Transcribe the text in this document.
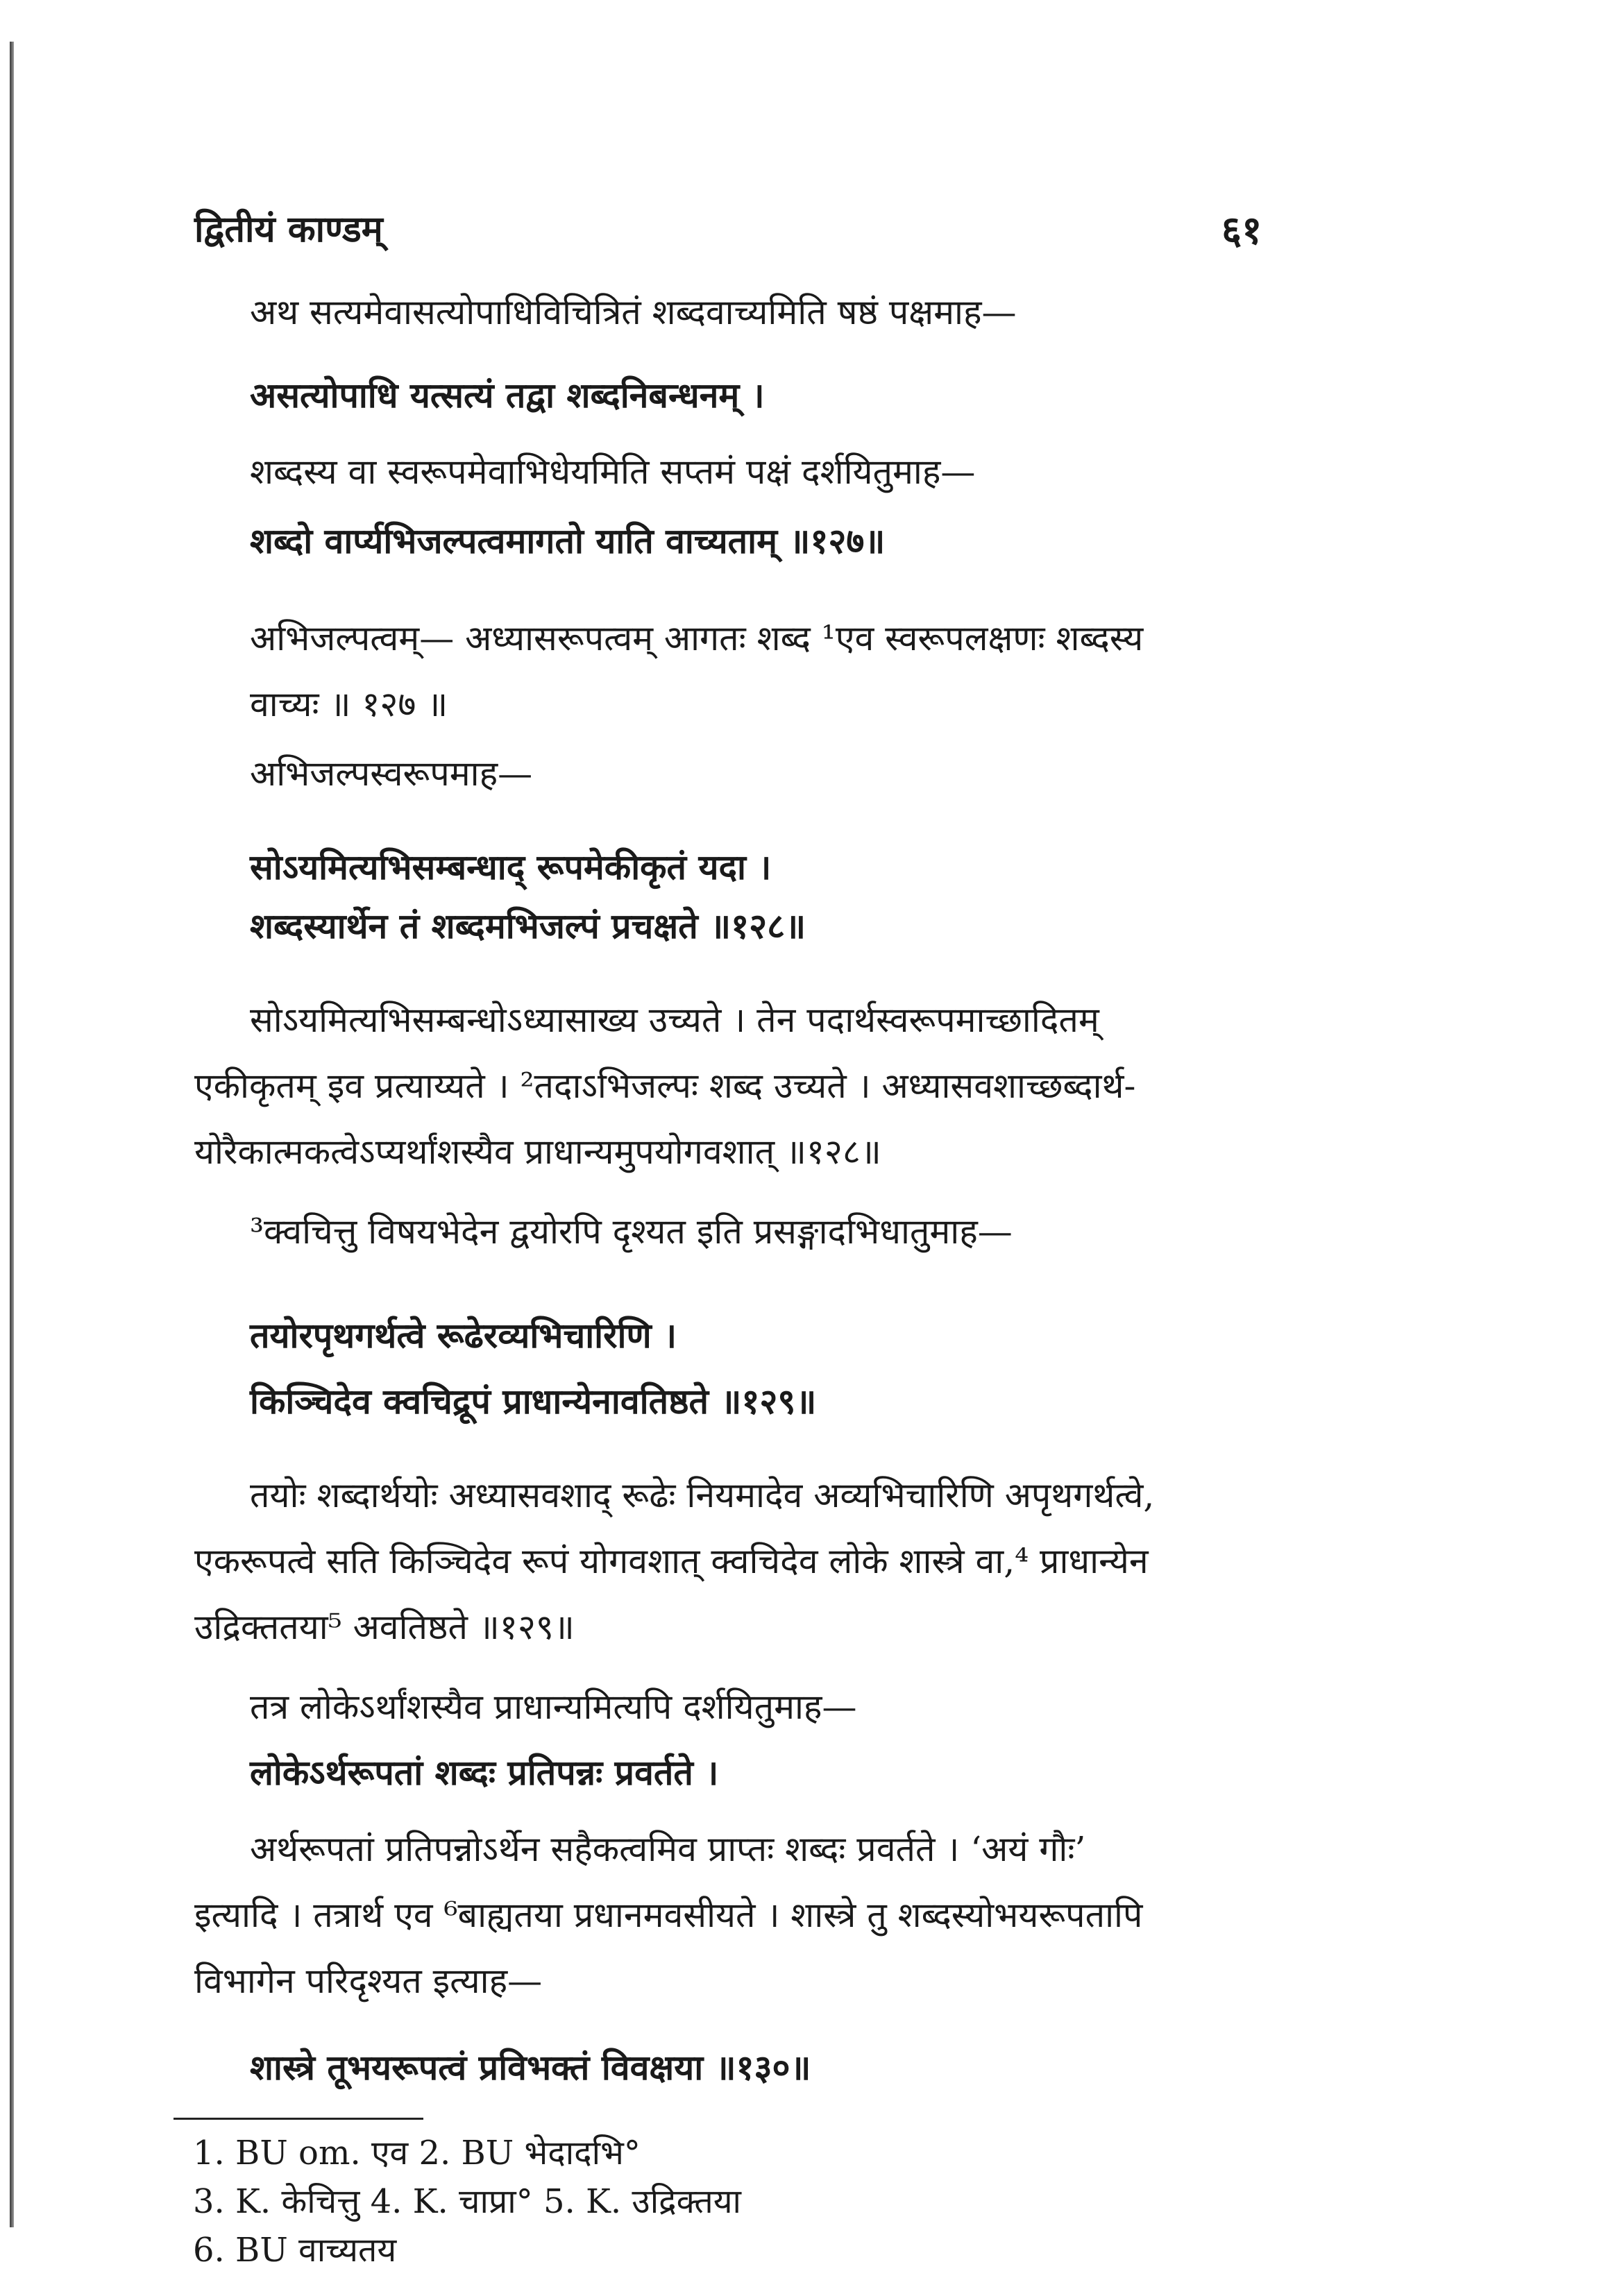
द्वितीयं काण्डम्	६१
अथ सत्यमेवासत्योपाधिविचित्रितं शब्दवाच्यमिति षष्ठं पक्षमाह—
असत्योपाधि यत्सत्यं तद्वा शब्दनिबन्धनम् ।
शब्दस्य वा स्वरूपमेवाभिधेयमिति सप्तमं पक्षं दर्शयितुमाह—
शब्दो वार्प्यभिजल्पत्वमागतो याति वाच्यताम् ॥१२७॥
अभिजल्पत्वम्— अध्यासरूपत्वम् आगतः शब्द ¹एव स्वरूपलक्षणः शब्दस्य
वाच्यः ॥ १२७ ॥
अभिजल्पस्वरूपमाह—
सोऽयमित्यभिसम्बन्धाद् रूपमेकीकृतं यदा ।
शब्दस्यार्थेन तं शब्दमभिजल्पं प्रचक्षते ॥१२८॥
सोऽयमित्यभिसम्बन्धोऽध्यासाख्य उच्यते । तेन पदार्थस्वरूपमाच्छादितम्
एकीकृतम् इव प्रत्याय्यते । ²तदाऽभिजल्पः शब्द उच्यते । अध्यासवशाच्छब्दार्थ-
योरैकात्मकत्वेऽप्यर्थांशस्यैव प्राधान्यमुपयोगवशात् ॥१२८॥
³क्वचित्तु विषयभेदेन द्वयोरपि दृश्यत इति प्रसङ्गादभिधातुमाह—
तयोरपृथगर्थत्वे रूढेरव्यभिचारिणि ।
किञ्चिदेव क्वचिद्रूपं प्राधान्येनावतिष्ठते ॥१२९॥
तयोः शब्दार्थयोः अध्यासवशाद् रूढेः नियमादेव अव्यभिचारिणि अपृथगर्थत्वे,
एकरूपत्वे सति किञ्चिदेव रूपं योगवशात् क्वचिदेव लोके शास्त्रे वा,⁴ प्राधान्येन
उद्रिक्ततया⁵ अवतिष्ठते ॥१२९॥
तत्र लोकेऽर्थांशस्यैव प्राधान्यमित्यपि दर्शयितुमाह—
लोकेऽर्थरूपतां शब्दः प्रतिपन्नः प्रवर्तते ।
अर्थरूपतां प्रतिपन्नोऽर्थेन सहैकत्वमिव प्राप्तः शब्दः प्रवर्तते । ‘अयं गौः’
इत्यादि । तत्रार्थ एव ⁶बाह्यतया प्रधानमवसीयते । शास्त्रे तु शब्दस्योभयरूपतापि
विभागेन परिदृश्यत इत्याह—
शास्त्रे तूभयरूपत्वं प्रविभक्तं विवक्षया ॥१३०॥
1. BU om. एव 2. BU भेदादभि°
3. K. केचित्तु 4. K. चाप्रा° 5. K. उद्रिक्तया
6. BU वाच्यतय
